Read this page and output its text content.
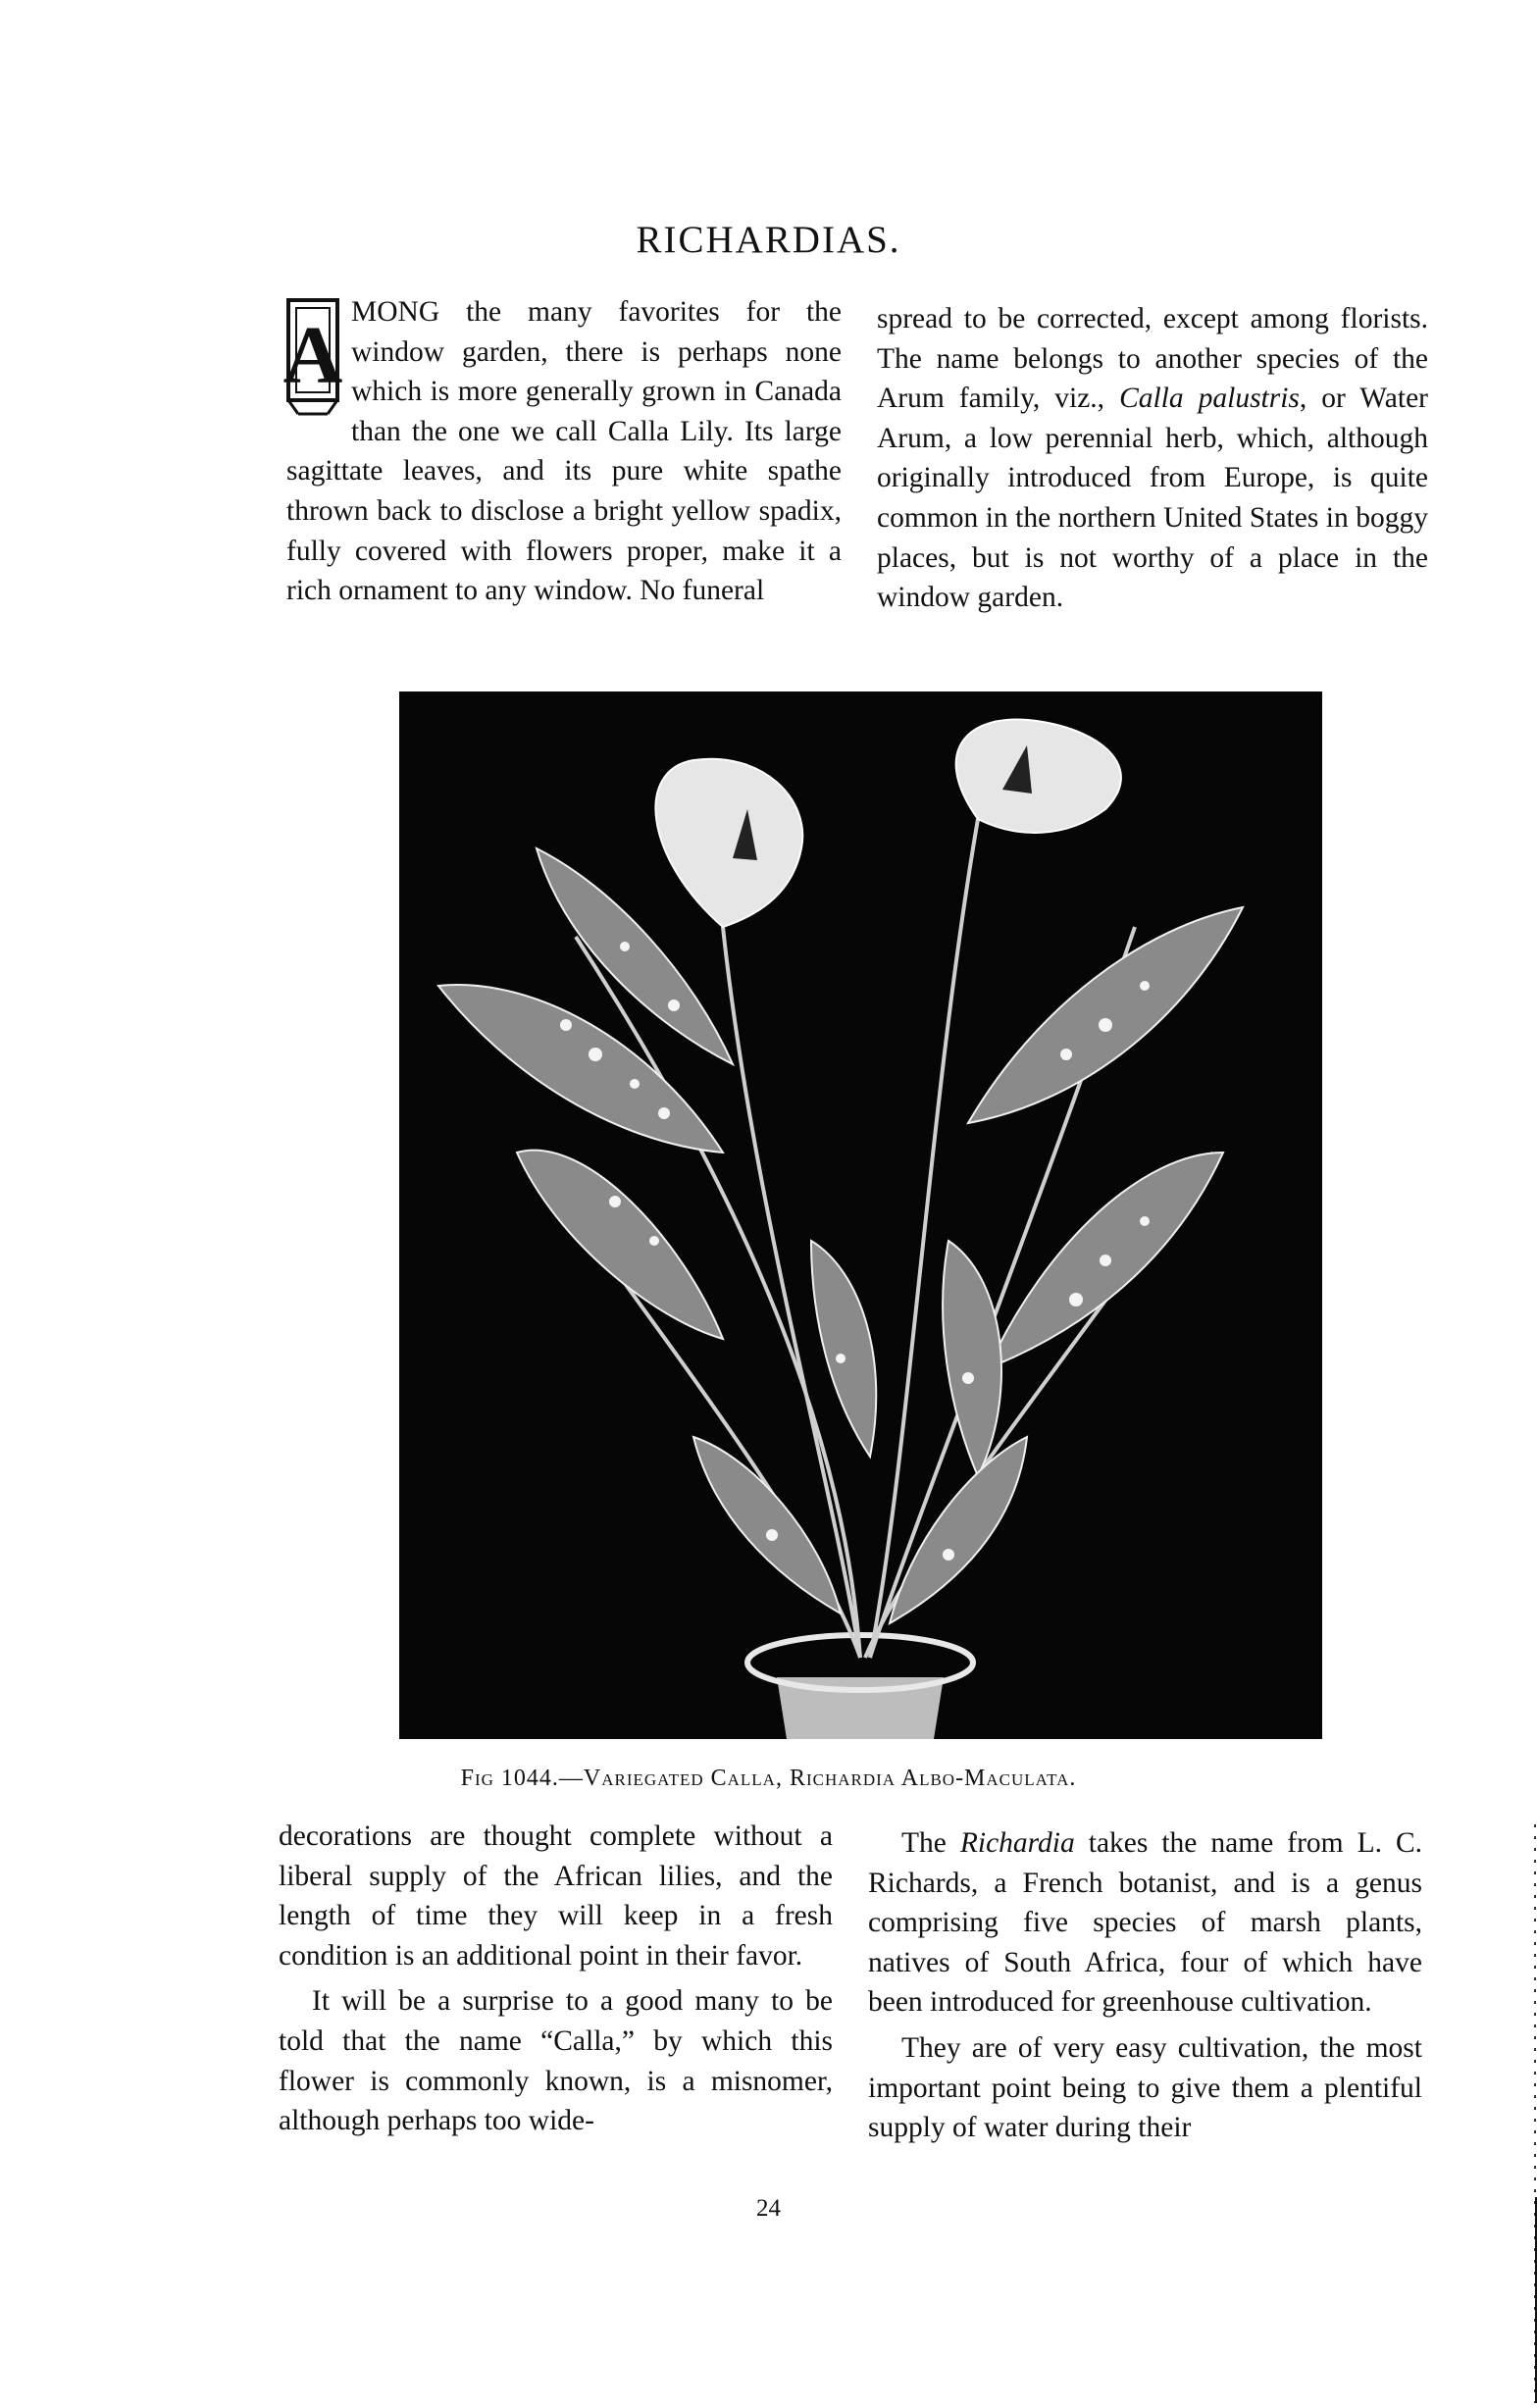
RICHARDIAS.
A MONG the many favorites for the window garden, there is perhaps none which is more generally grown in Canada than the one we call Calla Lily. Its large sagittate leaves, and its pure white spathe thrown back to disclose a bright yellow spadix, fully covered with flowers proper, make it a rich ornament to any window. No funeral

spread to be corrected, except among florists. The name belongs to another species of the Arum family, viz., Calla palustris, or Water Arum, a low perennial herb, which, although originally introduced from Europe, is quite common in the northern United States in boggy places, but is not worthy of a place in the window garden.

Fig 1044.—Variegated Calla, Richardia Albo-Maculata.

decorations are thought complete without a liberal supply of the African lilies, and the length of time they will keep in a fresh condition is an additional point in their favor.

It will be a surprise to a good many to be told that the name “Calla,” by which this flower is commonly known, is a misnomer, although perhaps too wide-

The Richardia takes the name from L. C. Richards, a French botanist, and is a genus comprising five species of marsh plants, natives of South Africa, four of which have been introduced for greenhouse cultivation.

They are of very easy cultivation, the most important point being to give them a plentiful supply of water during their

24
